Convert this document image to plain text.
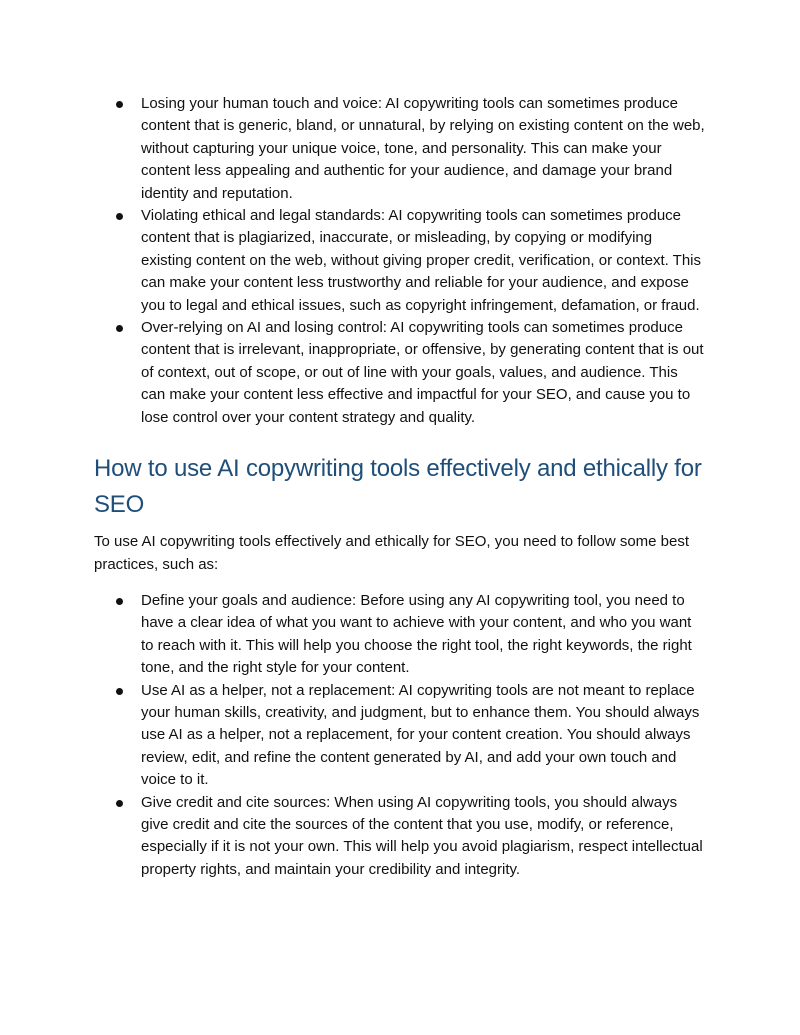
Losing your human touch and voice: AI copywriting tools can sometimes produce content that is generic, bland, or unnatural, by relying on existing content on the web, without capturing your unique voice, tone, and personality. This can make your content less appealing and authentic for your audience, and damage your brand identity and reputation.
Violating ethical and legal standards: AI copywriting tools can sometimes produce content that is plagiarized, inaccurate, or misleading, by copying or modifying existing content on the web, without giving proper credit, verification, or context. This can make your content less trustworthy and reliable for your audience, and expose you to legal and ethical issues, such as copyright infringement, defamation, or fraud.
Over-relying on AI and losing control: AI copywriting tools can sometimes produce content that is irrelevant, inappropriate, or offensive, by generating content that is out of context, out of scope, or out of line with your goals, values, and audience. This can make your content less effective and impactful for your SEO, and cause you to lose control over your content strategy and quality.
How to use AI copywriting tools effectively and ethically for SEO

To use AI copywriting tools effectively and ethically for SEO, you need to follow some best practices, such as:

Define your goals and audience: Before using any AI copywriting tool, you need to have a clear idea of what you want to achieve with your content, and who you want to reach with it. This will help you choose the right tool, the right keywords, the right tone, and the right style for your content.
Use AI as a helper, not a replacement: AI copywriting tools are not meant to replace your human skills, creativity, and judgment, but to enhance them. You should always use AI as a helper, not a replacement, for your content creation. You should always review, edit, and refine the content generated by AI, and add your own touch and voice to it.
Give credit and cite sources: When using AI copywriting tools, you should always give credit and cite the sources of the content that you use, modify, or reference, especially if it is not your own. This will help you avoid plagiarism, respect intellectual property rights, and maintain your credibility and integrity.
